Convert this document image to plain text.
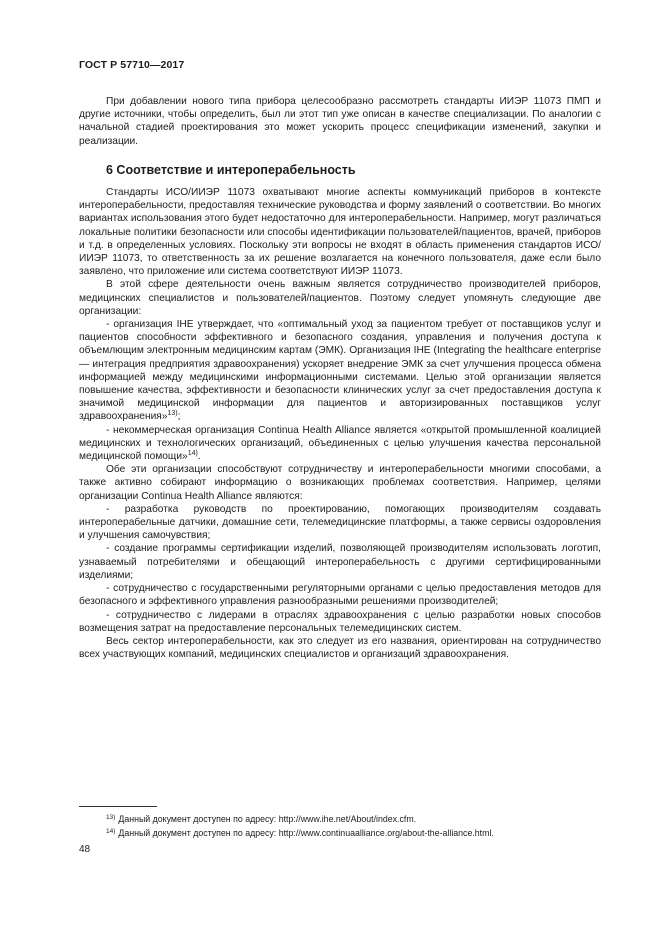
ГОСТ Р 57710—2017

При добавлении нового типа прибора целесообразно рассмотреть стандарты ИИЭР 11073 ПМП и другие источники, чтобы определить, был ли этот тип уже описан в качестве специализации. По аналогии с начальной стадией проектирования это может ускорить процесс спецификации изменений, закупки и реализации.

6 Соответствие и интероперабельность

Стандарты ИСО/ИИЭР 11073 охватывают многие аспекты коммуникаций приборов в контексте интероперабельности, предоставляя технические руководства и форму заявлений о соответствии. Во многих вариантах использования этого будет недостаточно для интероперабельности. Например, могут различаться локальные политики безопасности или способы идентификации пользователей/пациентов, врачей, приборов и т.д. в определенных условиях. Поскольку эти вопросы не входят в область применения стандартов ИСО/ИИЭР 11073, то ответственность за их решение возлагается на конечного пользователя, даже если было заявлено, что приложение или система соответствуют ИИЭР 11073.

В этой сфере деятельности очень важным является сотрудничество производителей приборов, медицинских специалистов и пользователей/пациентов. Поэтому следует упомянуть следующие две организации:

- организация IHE утверждает, что «оптимальный уход за пациентом требует от поставщиков услуг и пациентов способности эффективного и безопасного создания, управления и получения доступа к объемлющим электронным медицинским картам (ЭМК). Организация IHE (Integrating the healthcare enterprise — интеграция предприятия здравоохранения) ускоряет внедрение ЭМК за счет улучшения процесса обмена информацией между медицинскими информационными системами. Целью этой организации является повышение качества, эффективности и безопасности клинических услуг за счет предоставления доступа к значимой медицинской информации для пациентов и авторизированных поставщиков услуг здравоохранения»$^{13)}$;

- некоммерческая организация Continua Health Alliance является «открытой промышленной коалицией медицинских и технологических организаций, объединенных с целью улучшения качества персональной медицинской помощи»$^{14)}$.

Обе эти организации способствуют сотрудничеству и интероперабельности многими способами, а также активно собирают информацию о возникающих проблемах соответствия. Например, целями организации Continua Health Alliance являются:

- разработка руководств по проектированию, помогающих производителям создавать интероперабельные датчики, домашние сети, телемедицинские платформы, а также сервисы оздоровления и улучшения самочувствия;

- создание программы сертификации изделий, позволяющей производителям использовать логотип, узнаваемый потребителями и обещающий интероперабельность с другими сертифицированными изделиями;

- сотрудничество с государственными регуляторными органами с целью предоставления методов для безопасного и эффективного управления разнообразными решениями производителей;

- сотрудничество с лидерами в отраслях здравоохранения с целью разработки новых способов возмещения затрат на предоставление персональных телемедицинских систем.

Весь сектор интероперабельности, как это следует из его названия, ориентирован на сотрудничество всех участвующих компаний, медицинских специалистов и организаций здравоохранения.

$^{13)}$ Данный документ доступен по адресу: http://www.ihe.net/About/index.cfm.
$^{14)}$ Данный документ доступен по адресу: http://www.continuaalliance.org/about-the-alliance.html.
48
